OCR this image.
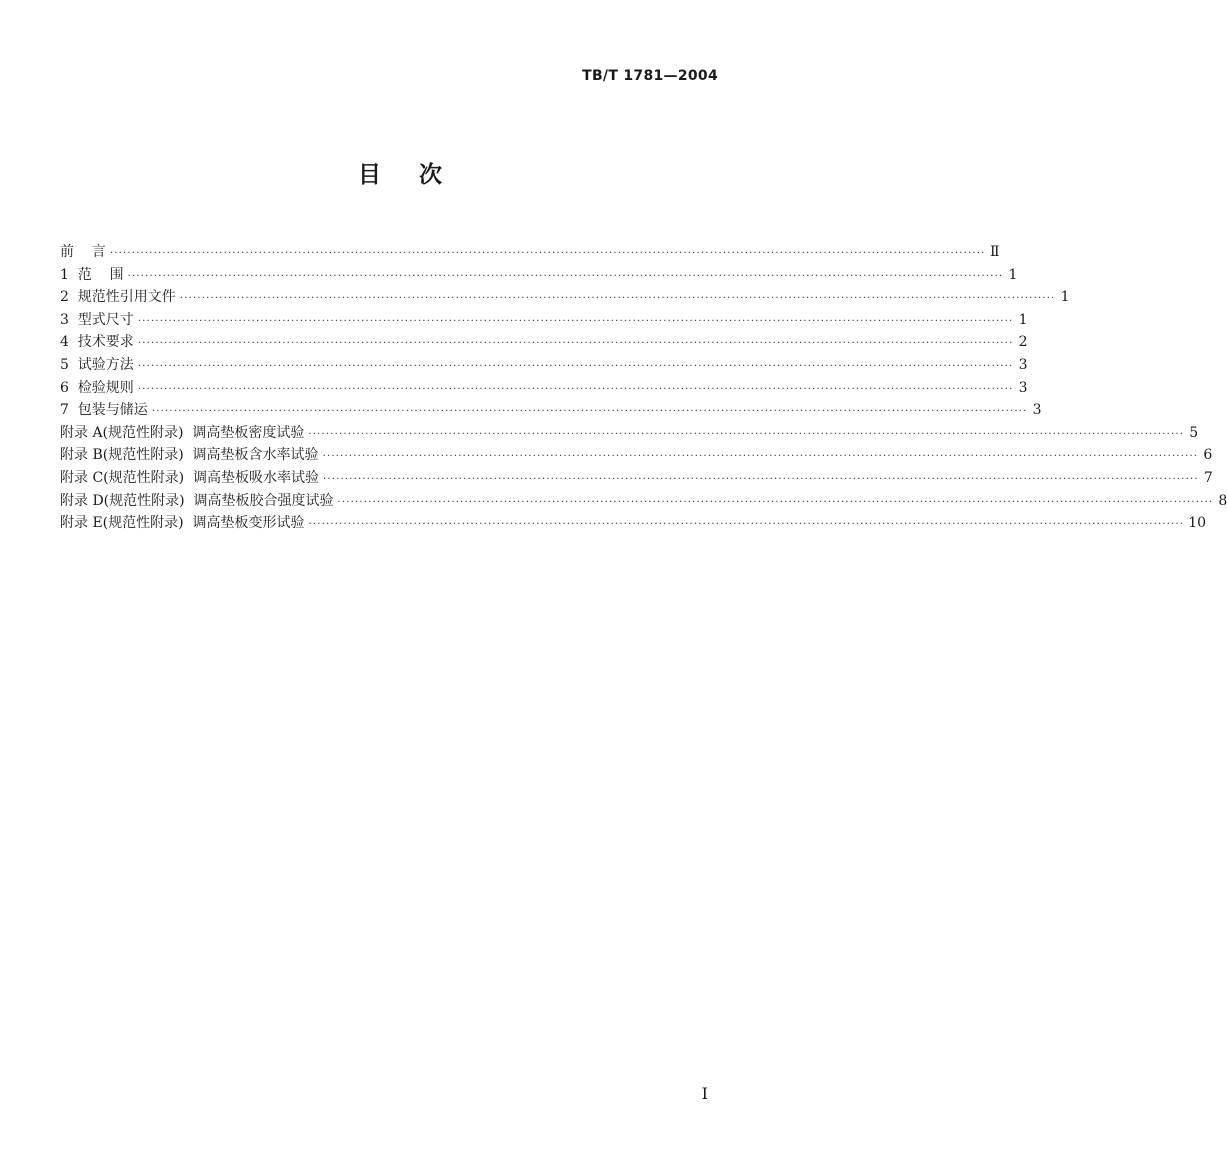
TB/T 1781—2004
目次
前    言 ········································································································································································································ Ⅱ
1  范    围 ········································································································································································································ 1
2  规范性引用文件 ········································································································································································································ 1
3  型式尺寸 ········································································································································································································ 1
4  技术要求 ········································································································································································································ 2
5  试验方法 ········································································································································································································ 3
6  检验规则 ········································································································································································································ 3
7  包装与储运 ········································································································································································································ 3
附录 A(规范性附录)  调高垫板密度试验 ········································································································································································································ 5
附录 B(规范性附录)  调高垫板含水率试验 ········································································································································································································ 6
附录 C(规范性附录)  调高垫板吸水率试验 ········································································································································································································ 7
附录 D(规范性附录)  调高垫板胶合强度试验 ········································································································································································································ 8
附录 E(规范性附录)  调高垫板变形试验 ········································································································································································································ 10
I
